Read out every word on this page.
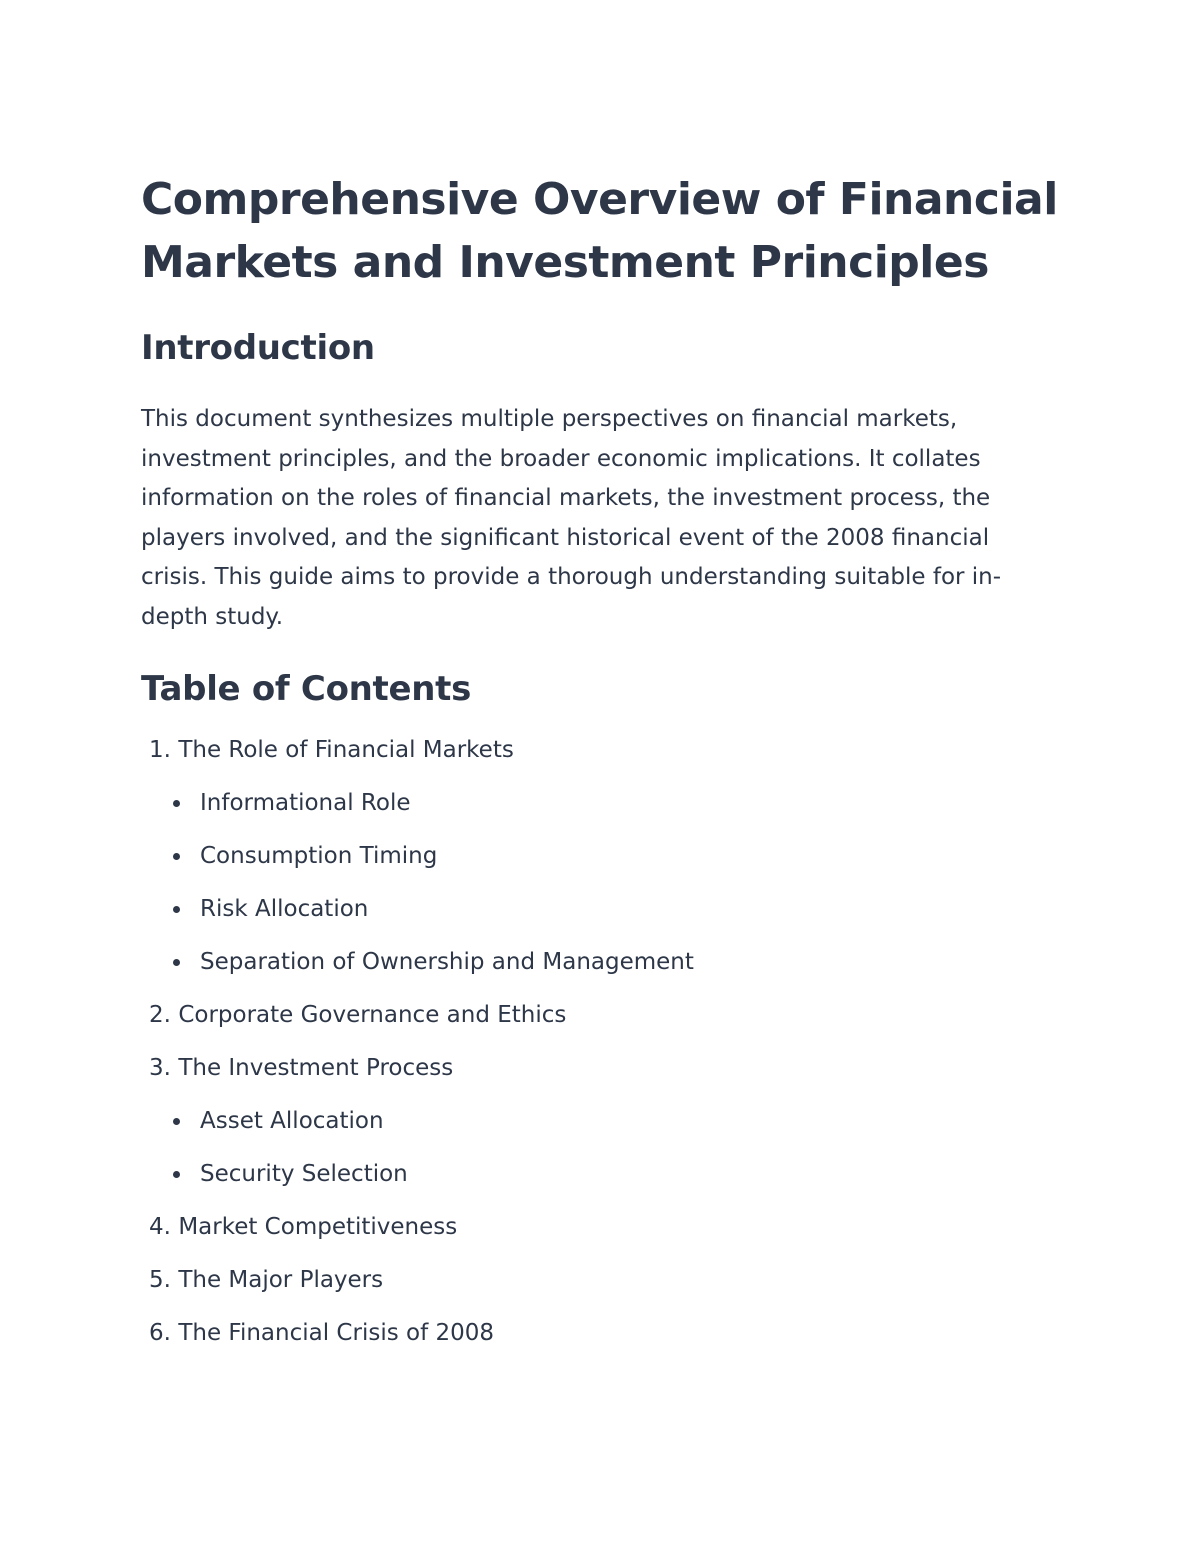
Comprehensive Overview of Financial Markets and Investment Principles
Introduction

This document synthesizes multiple perspectives on financial markets, investment principles, and the broader economic implications. It collates information on the roles of financial markets, the investment process, the players involved, and the significant historical event of the 2008 financial crisis. This guide aims to provide a thorough understanding suitable for in-depth study.

Table of Contents
1. The Role of Financial Markets
Informational Role
Consumption Timing
Risk Allocation
Separation of Ownership and Management
2. Corporate Governance and Ethics
3. The Investment Process
Asset Allocation
Security Selection
4. Market Competitiveness
5. The Major Players
6. The Financial Crisis of 2008
